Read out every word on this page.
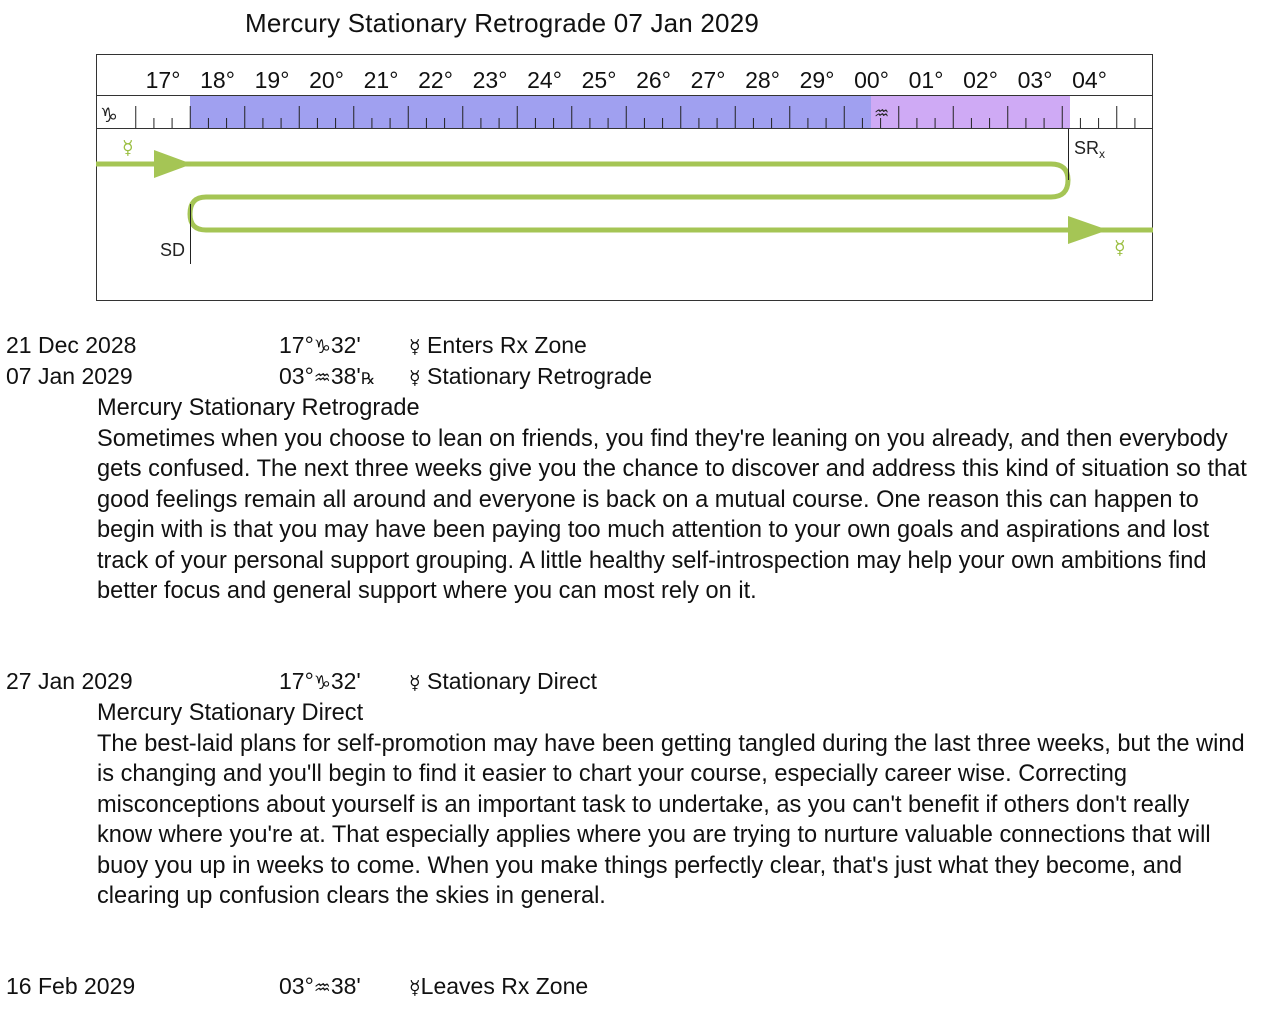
Mercury Stationary Retrograde 07 Jan 2029
17° 18° 19° 20° 21° 22° 23° 24° 25° 26° 27° 28° 29° 00° 01° 02° 03° 04°
♑	♒
☿
☿
$SR_x$
SD
21 Dec 2028	17°♑32'	☿ Enters Rx Zone
07 Jan 2029	03°♒38'℞ ☿ Stationary Retrograde
Mercury Stationary Retrograde

Sometimes when you choose to lean on friends, you find they're leaning on you already, and then everybody gets confused. The next three weeks give you the chance to discover and address this kind of situation so that good feelings remain all around and everyone is back on a mutual course. One reason this can happen to begin with is that you may have been paying too much attention to your own goals and aspirations and lost track of your personal support grouping. A little healthy self-introspection may help your own ambitions find better focus and general support where you can most rely on it.

27 Jan 2029	17°♑32'	☿ Stationary Direct
Mercury Stationary Direct

The best-laid plans for self-promotion may have been getting tangled during the last three weeks, but the wind is changing and you'll begin to find it easier to chart your course, especially career wise. Correcting misconceptions about yourself is an important task to undertake, as you can't benefit if others don't really know where you're at. That especially applies where you are trying to nurture valuable connections that will buoy you up in weeks to come. When you make things perfectly clear, that's just what they become, and clearing up confusion clears the skies in general.

16 Feb 2029	03°♒38'	☿Leaves Rx Zone
